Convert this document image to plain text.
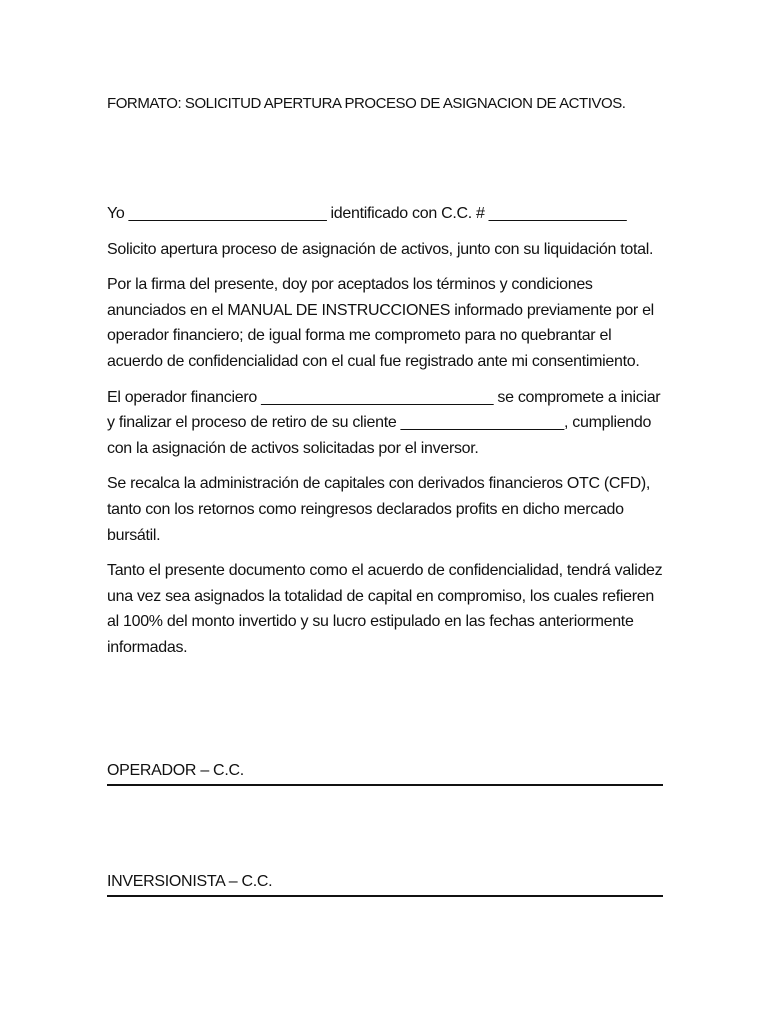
FORMATO: SOLICITUD APERTURA PROCESO DE ASIGNACION DE ACTIVOS.

Yo _______________________ identificado con C.C. # ________________

Solicito apertura proceso de asignación de activos, junto con su liquidación total.

Por la firma del presente, doy por aceptados los términos y condiciones anunciados en el MANUAL DE INSTRUCCIONES informado previamente por el operador financiero; de igual forma me comprometo para no quebrantar el acuerdo de confidencialidad con el cual fue registrado ante mi consentimiento.

El operador financiero ___________________________ se compromete a iniciar y finalizar el proceso de retiro de su cliente ___________________, cumpliendo con la asignación de activos solicitadas por el inversor.

Se recalca la administración de capitales con derivados financieros OTC (CFD), tanto con los retornos como reingresos declarados profits en dicho mercado bursátil.

Tanto el presente documento como el acuerdo de confidencialidad, tendrá validez una vez sea asignados la totalidad de capital en compromiso, los cuales refieren al 100% del monto invertido y su lucro estipulado en las fechas anteriormente informadas.

OPERADOR – C.C.
INVERSIONISTA – C.C.
